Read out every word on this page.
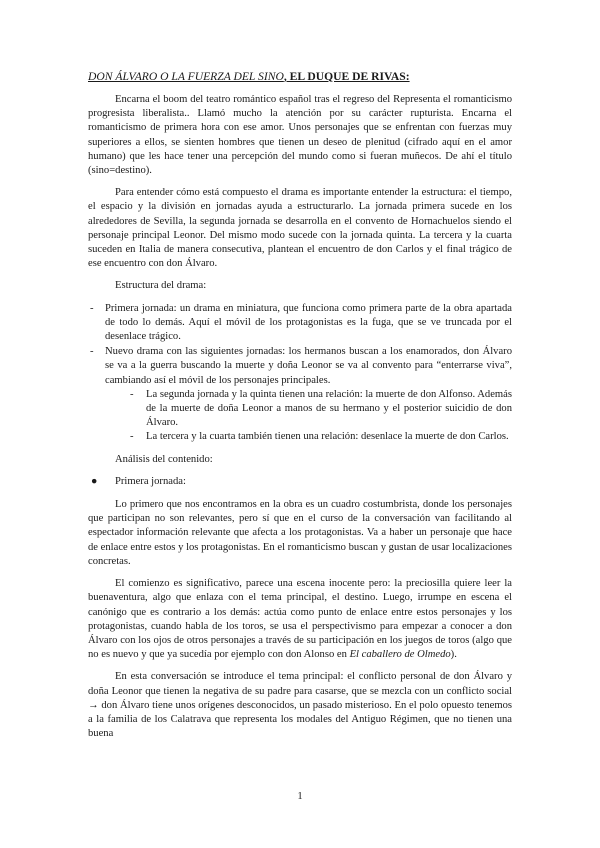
DON ÁLVARO O LA FUERZA DEL SINO, EL DUQUE DE RIVAS:

Encarna el boom del teatro romántico español tras el regreso del Representa el romanticismo progresista liberalista.. Llamó mucho la atención por su carácter rupturista. Encarna el romanticismo de primera hora con ese amor. Unos personajes que se enfrentan con fuerzas muy superiores a ellos, se sienten hombres que tienen un deseo de plenitud (cifrado aquí en el amor humano) que les hace tener una percepción del mundo como si fueran muñecos. De ahí el título (sino=destino).

Para entender cómo está compuesto el drama es importante entender la estructura: el tiempo, el espacio y la división en jornadas ayuda a estructurarlo. La jornada primera sucede en los alrededores de Sevilla, la segunda jornada se desarrolla en el convento de Hornachuelos siendo el personaje principal Leonor. Del mismo modo sucede con la jornada quinta. La tercera y la cuarta suceden en Italia de manera consecutiva, plantean el encuentro de don Carlos y el final trágico de ese encuentro con don Álvaro.

Estructura del drama:
- Primera jornada: un drama en miniatura, que funciona como primera parte de la obra apartada de todo lo demás. Aquí el móvil de los protagonistas es la fuga, que se ve truncada por el desenlace trágico.
- Nuevo drama con las siguientes jornadas: los hermanos buscan a los enamorados, don Álvaro se va a la guerra buscando la muerte y doña Leonor se va al convento para “enterrarse viva”, cambiando así el móvil de los personajes principales.
- La segunda jornada y la quinta tienen una relación: la muerte de don Alfonso. Además de la muerte de doña Leonor a manos de su hermano y el posterior suicidio de don Álvaro.
- La tercera y la cuarta también tienen una relación: desenlace la muerte de don Carlos.
Análisis del contenido:
● Primera jornada:

Lo primero que nos encontramos en la obra es un cuadro costumbrista, donde los personajes que participan no son relevantes, pero sí que en el curso de la conversación van facilitando al espectador información relevante que afecta a los protagonistas. Va a haber un personaje que hace de enlace entre estos y los protagonistas. En el romanticismo buscan y gustan de usar localizaciones concretas.

El comienzo es significativo, parece una escena inocente pero: la preciosilla quiere leer la buenaventura, algo que enlaza con el tema principal, el destino. Luego, irrumpe en escena el canónigo que es contrario a los demás: actúa como punto de enlace entre estos personajes y los protagonistas, cuando habla de los toros, se usa el perspectivismo para empezar a conocer a don Álvaro con los ojos de otros personajes a través de su participación en los juegos de toros (algo que no es nuevo y que ya sucedía por ejemplo con don Alonso en El caballero de Olmedo).

En esta conversación se introduce el tema principal: el conflicto personal de don Álvaro y doña Leonor que tienen la negativa de su padre para casarse, que se mezcla con un conflicto social → don Álvaro tiene unos orígenes desconocidos, un pasado misterioso. En el polo opuesto tenemos a la familia de los Calatrava que representa los modales del Antiguo Régimen, que no tienen una buena

1
